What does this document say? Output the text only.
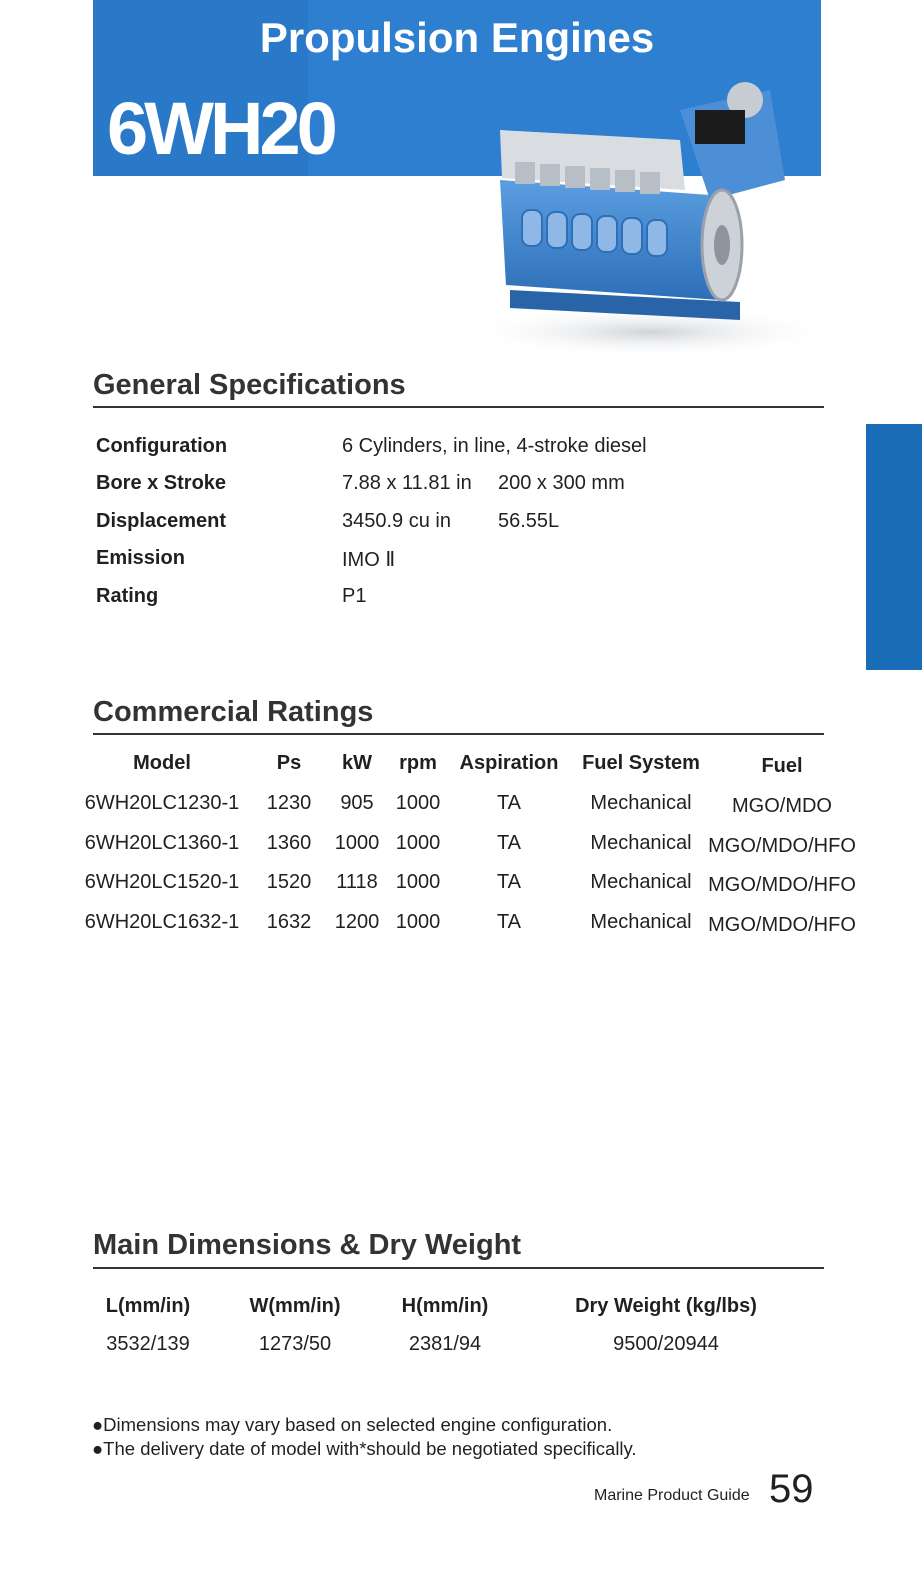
Propulsion Engines
6WH20
General Specifications
Configuration	6 Cylinders, in line, 4-stroke diesel
Bore x Stroke	7.88 x 11.81 in 200 x 300 mm
Displacement	3450.9 cu in 56.55L
Emission	IMO Ⅱ
Rating	P1
Commercial Ratings
Model	Ps	kW	rpm	Aspiration	Fuel System	Fuel
6WH20LC1230-1 1230	905	1000	TA	Mechanical	MGO/MDO
6WH20LC1360-1 1360 1000 1000	TA	Mechanical MGO/MDO/HFO
6WH20LC1520-1 1520 1118 1000	TA	Mechanical MGO/MDO/HFO
6WH20LC1632-1 1632 1200 1000	TA	Mechanical MGO/MDO/HFO
Main Dimensions & Dry Weight
L(mm/in)	W(mm/in)	H(mm/in)	Dry Weight (kg/lbs)
3532/139	1273/50	2381/94	9500/20944
●Dimensions may vary based on selected engine configuration.
●The delivery date of model with*should be negotiated specifically.
Marine Product Guide 59
